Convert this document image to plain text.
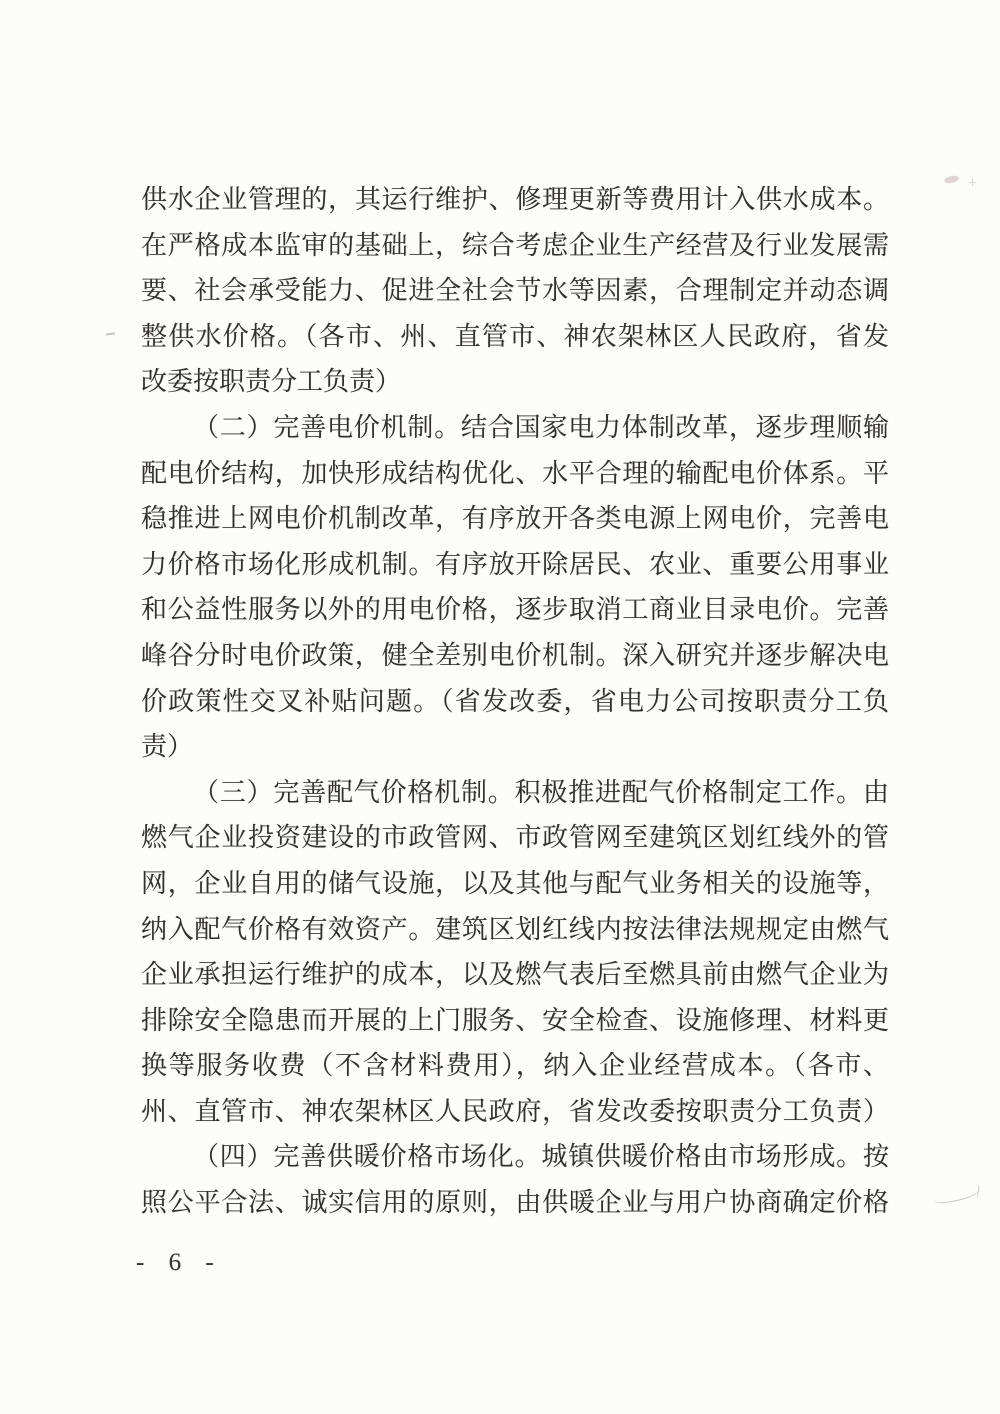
供水企业管理的，其运行维护、修理更新等费用计入供水成本。
在严格成本监审的基础上，综合考虑企业生产经营及行业发展需
要、社会承受能力、促进全社会节水等因素，合理制定并动态调
整供水价格。（各市、州、直管市、神农架林区人民政府，省发
改委按职责分工负责）
（二）完善电价机制。结合国家电力体制改革，逐步理顺输
配电价结构，加快形成结构优化、水平合理的输配电价体系。平
稳推进上网电价机制改革，有序放开各类电源上网电价，完善电
力价格市场化形成机制。有序放开除居民、农业、重要公用事业
和公益性服务以外的用电价格，逐步取消工商业目录电价。完善
峰谷分时电价政策，健全差别电价机制。深入研究并逐步解决电
价政策性交叉补贴问题。（省发改委，省电力公司按职责分工负
责）
（三）完善配气价格机制。积极推进配气价格制定工作。由
燃气企业投资建设的市政管网、市政管网至建筑区划红线外的管
网，企业自用的储气设施，以及其他与配气业务相关的设施等，
纳入配气价格有效资产。建筑区划红线内按法律法规规定由燃气
企业承担运行维护的成本，以及燃气表后至燃具前由燃气企业为
排除安全隐患而开展的上门服务、安全检查、设施修理、材料更
换等服务收费（不含材料费用），纳入企业经营成本。（各市、
州、直管市、神农架林区人民政府，省发改委按职责分工负责）
（四）完善供暖价格市场化。城镇供暖价格由市场形成。按
照公平合法、诚实信用的原则，由供暖企业与用户协商确定价格
- 6 -
